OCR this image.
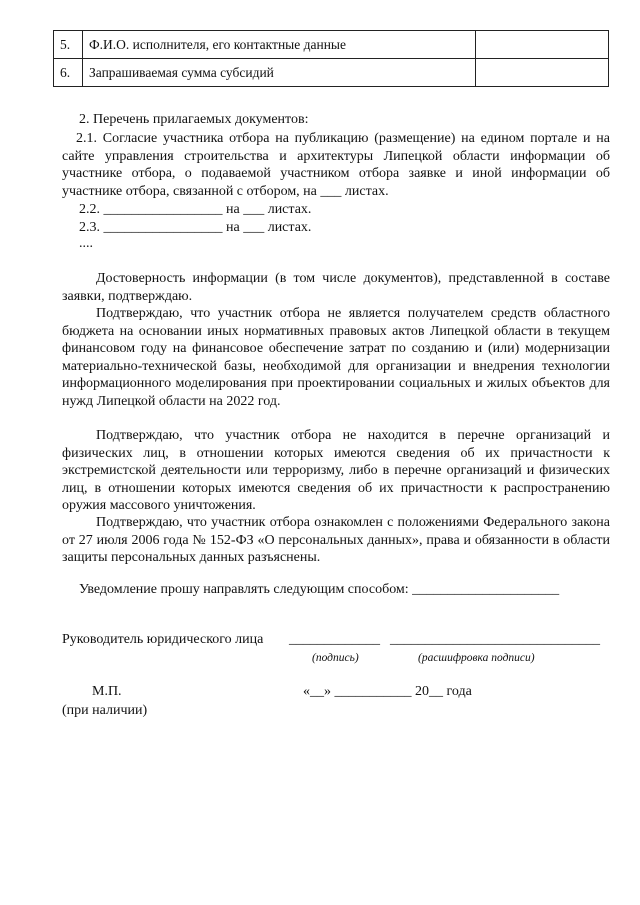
5.	Ф.И.О. исполнителя, его контактные данные	
6.	Запрашиваемая сумма субсидий	
2. Перечень прилагаемых документов:
2.1. Согласие участника отбора на публикацию (размещение) на едином портале и на сайте управления строительства и архитектуры Липецкой области информации об участнике отбора, о подаваемой участником отбора заявке и иной информации об участнике отбора, связанной с отбором, на ___ листах.
2.2. _________________ на ___ листах.
2.3. _________________ на ___ листах.
....
Достоверность информации (в том числе документов), представленной в составе заявки, подтверждаю.
Подтверждаю, что участник отбора не является получателем средств областного бюджета на основании иных нормативных правовых актов Липецкой области в текущем финансовом году на финансовое обеспечение затрат по созданию и (или) модернизации материально-технической базы, необходимой для организации и внедрения технологии информационного моделирования при проектировании социальных и жилых объектов для нужд Липецкой области на 2022 год.
Подтверждаю, что участник отбора не находится в перечне организаций и физических лиц, в отношении которых имеются сведения об их причастности к экстремистской деятельности или терроризму, либо в перечне организаций и физических лиц, в отношении которых имеются сведения об их причастности к распространению оружия массового уничтожения.
Подтверждаю, что участник отбора ознакомлен с положениями Федерального закона от 27 июля 2006 года № 152-ФЗ «О персональных данных», права и обязанности в области защиты персональных данных разъяснены.
Уведомление прошу направлять следующим способом: _____________________
Руководитель юридического лица _____________ ______________________________
(подпись)	(расшифровка подписи)
М.П.	«__» ___________ 20__ года
(при наличии)
